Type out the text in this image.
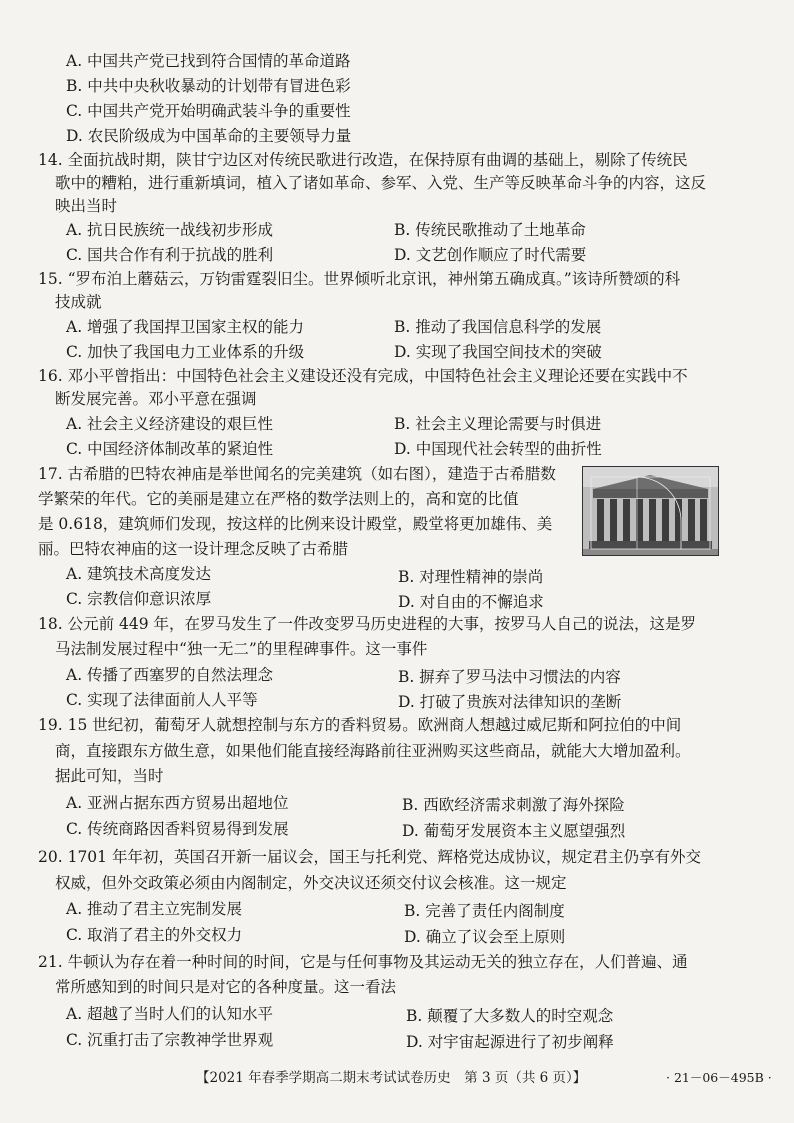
A. 中国共产党已找到符合国情的革命道路
B. 中共中央秋收暴动的计划带有冒进色彩
C. 中国共产党开始明确武装斗争的重要性
D. 农民阶级成为中国革命的主要领导力量
14. 全面抗战时期，陕甘宁边区对传统民歌进行改造，在保持原有曲调的基础上，剔除了传统民
歌中的糟粕，进行重新填词，植入了诸如革命、参军、入党、生产等反映革命斗争的内容，这反
映出当时
A. 抗日民族统一战线初步形成	B. 传统民歌推动了土地革命
C. 国共合作有利于抗战的胜利	D. 文艺创作顺应了时代需要
15. “罗布泊上蘑菇云，万钧雷霆裂旧尘。世界倾听北京讯，神州第五确成真。”该诗所赞颂的科
技成就
A. 增强了我国捍卫国家主权的能力	B. 推动了我国信息科学的发展
C. 加快了我国电力工业体系的升级	D. 实现了我国空间技术的突破
16. 邓小平曾指出：中国特色社会主义建设还没有完成，中国特色社会主义理论还要在实践中不
断发展完善。邓小平意在强调
A. 社会主义经济建设的艰巨性	B. 社会主义理论需要与时俱进
C. 中国经济体制改革的紧迫性	D. 中国现代社会转型的曲折性
17. 古希腊的巴特农神庙是举世闻名的完美建筑（如右图），建造于古希腊数
学繁荣的年代。它的美丽是建立在严格的数学法则上的，高和宽的比值
是 0.618，建筑师们发现，按这样的比例来设计殿堂，殿堂将更加雄伟、美
丽。巴特农神庙的这一设计理念反映了古希腊
A. 建筑技术高度发达	B. 对理性精神的崇尚
C. 宗教信仰意识浓厚	D. 对自由的不懈追求
18. 公元前 449 年，在罗马发生了一件改变罗马历史进程的大事，按罗马人自己的说法，这是罗
马法制发展过程中“独一无二”的里程碑事件。这一事件
A. 传播了西塞罗的自然法理念	B. 摒弃了罗马法中习惯法的内容
C. 实现了法律面前人人平等	D. 打破了贵族对法律知识的垄断
19. 15 世纪初，葡萄牙人就想控制与东方的香料贸易。欧洲商人想越过威尼斯和阿拉伯的中间
商，直接跟东方做生意，如果他们能直接经海路前往亚洲购买这些商品，就能大大增加盈利。
据此可知，当时
A. 亚洲占据东西方贸易出超地位	B. 西欧经济需求刺激了海外探险
C. 传统商路因香料贸易得到发展	D. 葡萄牙发展资本主义愿望强烈
20. 1701 年年初，英国召开新一届议会，国王与托利党、辉格党达成协议，规定君主仍享有外交
权威，但外交政策必须由内阁制定，外交决议还须交付议会核准。这一规定
A. 推动了君主立宪制发展	B. 完善了责任内阁制度
C. 取消了君主的外交权力	D. 确立了议会至上原则
21. 牛顿认为存在着一种时间的时间，它是与任何事物及其运动无关的独立存在，人们普遍、通
常所感知到的时间只是对它的各种度量。这一看法
A. 超越了当时人们的认知水平	B. 颠覆了大多数人的时空观念
C. 沉重打击了宗教神学世界观	D. 对宇宙起源进行了初步阐释
【2021 年春季学期高二期末考试试卷历史　第 3 页（共 6 页）】	· 21－06－495B ·
